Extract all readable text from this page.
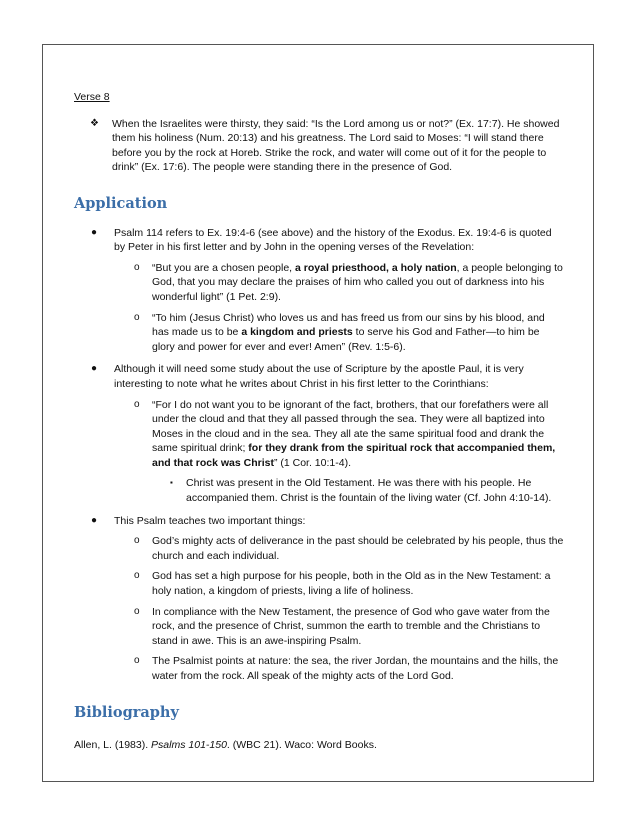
Verse 8
❖ When the Israelites were thirsty, they said: “Is the Lord among us or not?” (Ex. 17:7). He showed them his holiness (Num. 20:13) and his greatness. The Lord said to Moses: “I will stand there before you by the rock at Horeb. Strike the rock, and water will come out of it for the people to drink” (Ex. 17:6). The people were standing there in the presence of God.
Application
● Psalm 114 refers to Ex. 19:4-6 (see above) and the history of the Exodus. Ex. 19:4-6 is quoted by Peter in his first letter and by John in the opening verses of the Revelation:
o “But you are a chosen people, a royal priesthood, a holy nation, a people belonging to God, that you may declare the praises of him who called you out of darkness into his wonderful light” (1 Pet. 2:9).
o “To him (Jesus Christ) who loves us and has freed us from our sins by his blood, and has made us to be a kingdom and priests to serve his God and Father—to him be glory and power for ever and ever! Amen” (Rev. 1:5-6).
● Although it will need some study about the use of Scripture by the apostle Paul, it is very interesting to note what he writes about Christ in his first letter to the Corinthians:
o “For I do not want you to be ignorant of the fact, brothers, that our forefathers were all under the cloud and that they all passed through the sea. They were all baptized into Moses in the cloud and in the sea. They all ate the same spiritual food and drank the same spiritual drink; for they drank from the spiritual rock that accompanied them, and that rock was Christ” (1 Cor. 10:1-4).
▪ Christ was present in the Old Testament. He was there with his people. He accompanied them. Christ is the fountain of the living water (Cf. John 4:10-14).
● This Psalm teaches two important things:
o God’s mighty acts of deliverance in the past should be celebrated by his people, thus the church and each individual.
o God has set a high purpose for his people, both in the Old as in the New Testament: a holy nation, a kingdom of priests, living a life of holiness.
o In compliance with the New Testament, the presence of God who gave water from the rock, and the presence of Christ, summon the earth to tremble and the Christians to stand in awe. This is an awe-inspiring Psalm.
o The Psalmist points at nature: the sea, the river Jordan, the mountains and the hills, the water from the rock. All speak of the mighty acts of the Lord God.
Bibliography
Allen, L. (1983). Psalms 101-150. (WBC 21). Waco: Word Books.
